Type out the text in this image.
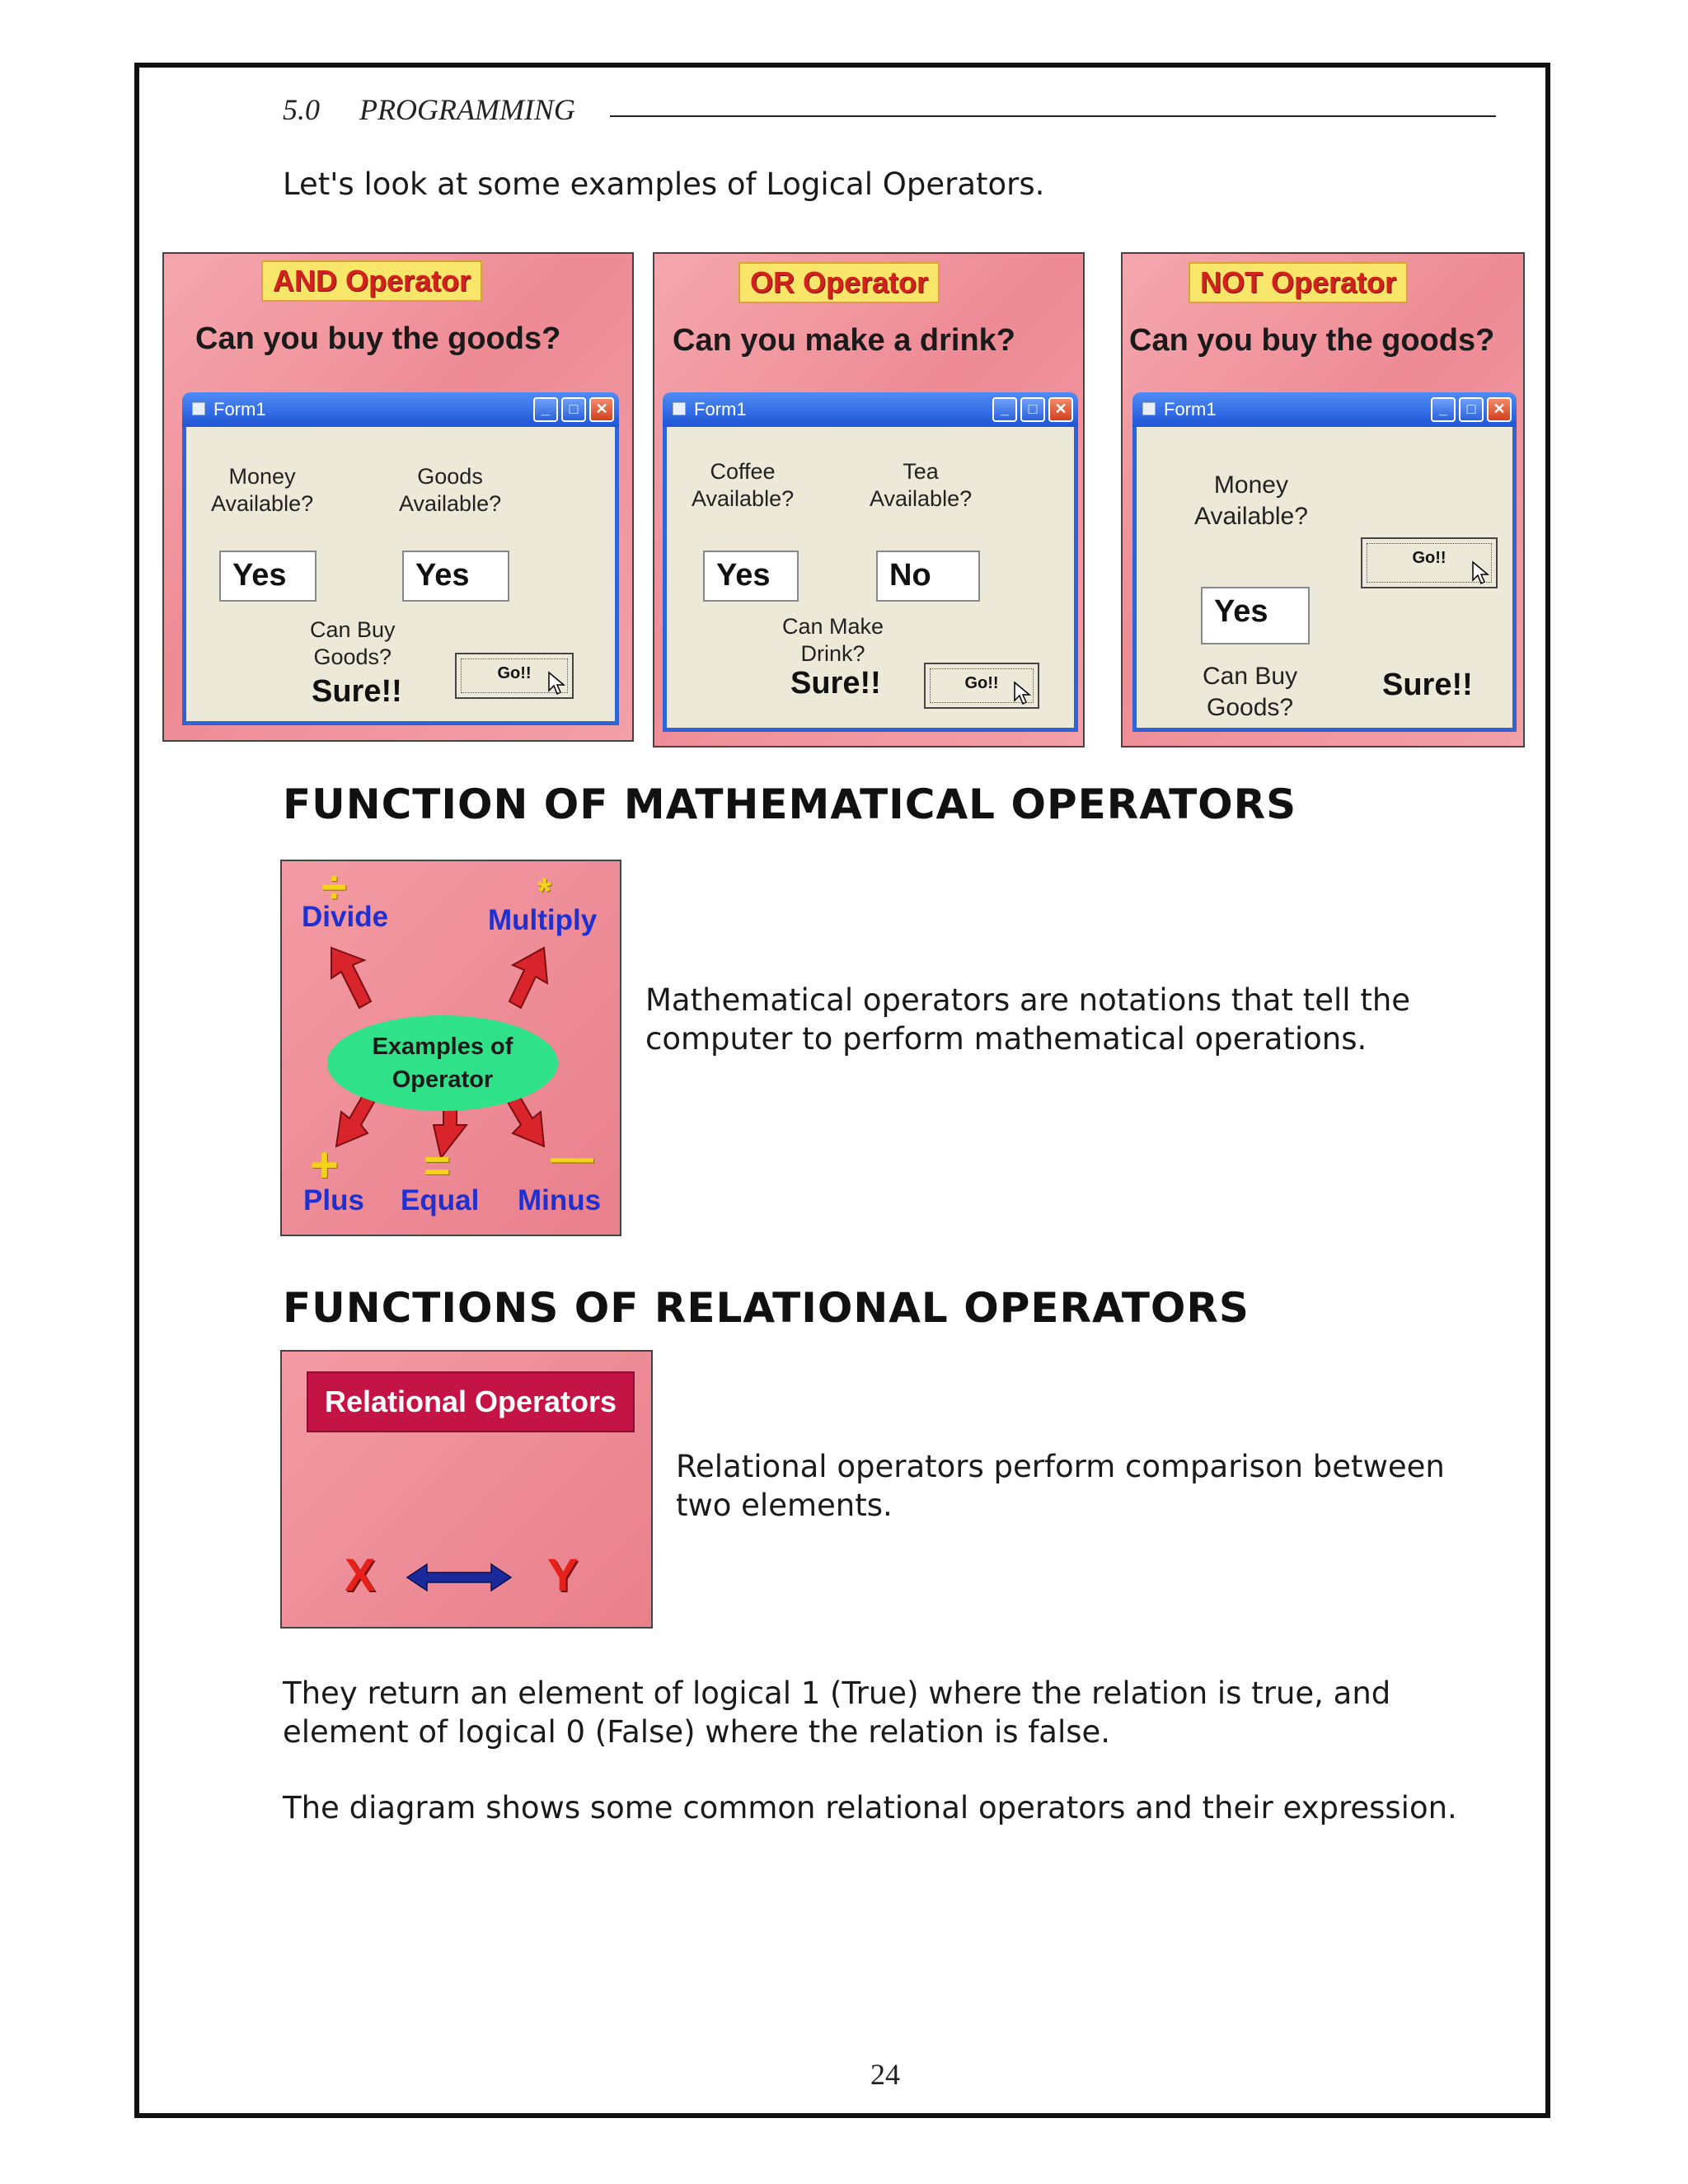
5.0 PROGRAMMING
Let's look at some examples of Logical Operators.
AND Operator
Can you buy the goods?
Form1	_	□	✕
Money
Available?
Goods
Available?
Yes	Yes
Can Buy
Goods?
Sure!!
Go!!
OR Operator
Can you make a drink?
Form1	_	□	✕
Coffee
Available?
Tea
Available?
Yes	No
Can Make
Drink?
Sure!!	Go!!
NOT Operator
Can you buy the goods?
Form1	_	□	✕
Money
Available?
Go!!
Yes
Can Buy
Goods?
Sure!!
FUNCTION OF MATHEMATICAL OPERATORS
÷
Divide
*
Multiply
Examples of
Operator
+
Plus
=
Equal
—
Minus
Mathematical operators are notations that tell the computer to perform mathematical operations.
FUNCTIONS OF RELATIONAL OPERATORS
Relational Operators
X	Y
Relational operators perform comparison between two elements.
They return an element of logical 1 (True) where the relation is true, and element of logical 0 (False) where the relation is false.
The diagram shows some common relational operators and their expression.
24
